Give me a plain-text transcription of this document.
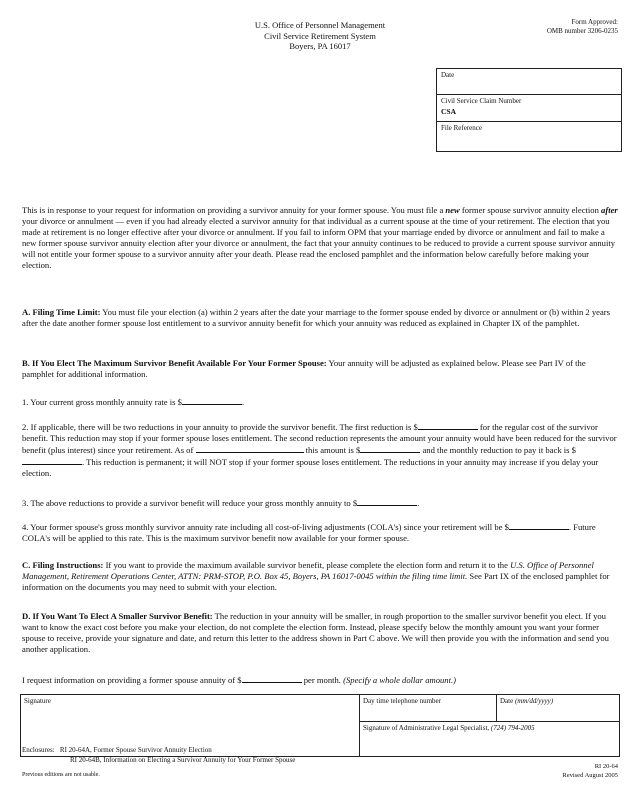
U.S. Office of Personnel Management
Civil Service Retirement System
Boyers, PA 16017
Form Approved:
OMB number 3206-0235
Date
Civil Service Claim Number
CSA
File Reference

This is in response to your request for information on providing a survivor annuity for your former spouse. You must file a new former spouse survivor annuity election after your divorce or annulment — even if you had already elected a survivor annuity for that individual as a current spouse at the time of your retirement. The election that you made at retirement is no longer effective after your divorce or annulment. If you fail to inform OPM that your marriage ended by divorce or annulment and fail to make a new former spouse survivor annuity election after your divorce or annulment, the fact that your annuity continues to be reduced to provide a current spouse survivor annuity will not entitle your former spouse to a survivor annuity after your death. Please read the enclosed pamphlet and the information below carefully before making your election.

A. Filing Time Limit: You must file your election (a) within 2 years after the date your marriage to the former spouse ended by divorce or annulment or (b) within 2 years after the date another former spouse lost entitlement to a survivor annuity benefit for which your annuity was reduced as explained in Chapter IX of the pamphlet.

B. If You Elect The Maximum Survivor Benefit Available For Your Former Spouse: Your annuity will be adjusted as explained below. Please see Part IV of the pamphlet for additional information.

1. Your current gross monthly annuity rate is $	.

2. If applicable, there will be two reductions in your annuity to provide the survivor benefit. The first reduction is $	for the regular cost of the survivor benefit. This reduction may stop if your former spouse loses entitlement. The second reduction represents the amount your annuity would have been reduced for the survivor benefit (plus interest) since your retirement. As of	this amount is $	and the monthly reduction to pay it back is $. This reduction is permanent; it will NOT stop if your former spouse loses entitlement. The reductions in your annuity may increase if you delay your election.

3. The above reductions to provide a survivor benefit will reduce your gross monthly annuity to $	.

4. Your former spouse's gross monthly survivor annuity rate including all cost-of-living adjustments (COLA's) since your retirement will be $	. Future COLA's will be applied to this rate. This is the maximum survivor benefit now available for your former spouse.

C. Filing Instructions: If you want to provide the maximum available survivor benefit, please complete the election form and return it to the U.S. Office of Personnel Management, Retirement Operations Center, ATTN: PRM-STOP, P.O. Box 45, Boyers, PA 16017-0045 within the filing time limit. See Part IX of the enclosed pamphlet for information on the documents you may need to submit with your election.

D. If You Want To Elect A Smaller Survivor Benefit: The reduction in your annuity will be smaller, in rough proportion to the smaller survivor benefit you elect. If you want to know the exact cost before you make your election, do not complete the election form. Instead, please specify below the monthly amount you want your former spouse to receive, provide your signature and date, and return this letter to the address shown in Part C above. We will then provide you with the information and send you another application.

I request information on providing a former spouse annuity of $	per month. (Specify a whole dollar amount.)

Signature	Day time telephone number	Date (mm/dd/yyyy)
Signature of Administrative Legal Specialist, (724) 794-2005
Enclosures: RI 20-64A, Former Spouse Survivor Annuity Election
RI 20-64B, Information on Electing a Survivor Annuity for Your Former Spouse
Previous editions are not usable.
RI 20-64
Revised August 2005
